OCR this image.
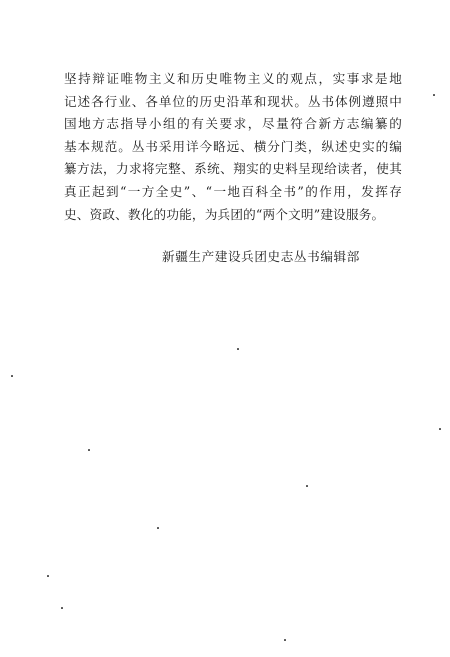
坚持辩证唯物主义和历史唯物主义的观点，实事求是地
记述各行业、各单位的历史沿革和现状。丛书体例遵照中
国地方志指导小组的有关要求，尽量符合新方志编纂的
基本规范。丛书采用详今略远、横分门类，纵述史实的编
纂方法，力求将完整、系统、翔实的史料呈现给读者，使其
真正起到“一方全史”、“一地百科全书”的作用，发挥存
史、资政、教化的功能，为兵团的“两个文明”建设服务。
新疆生产建设兵团史志丛书编辑部
